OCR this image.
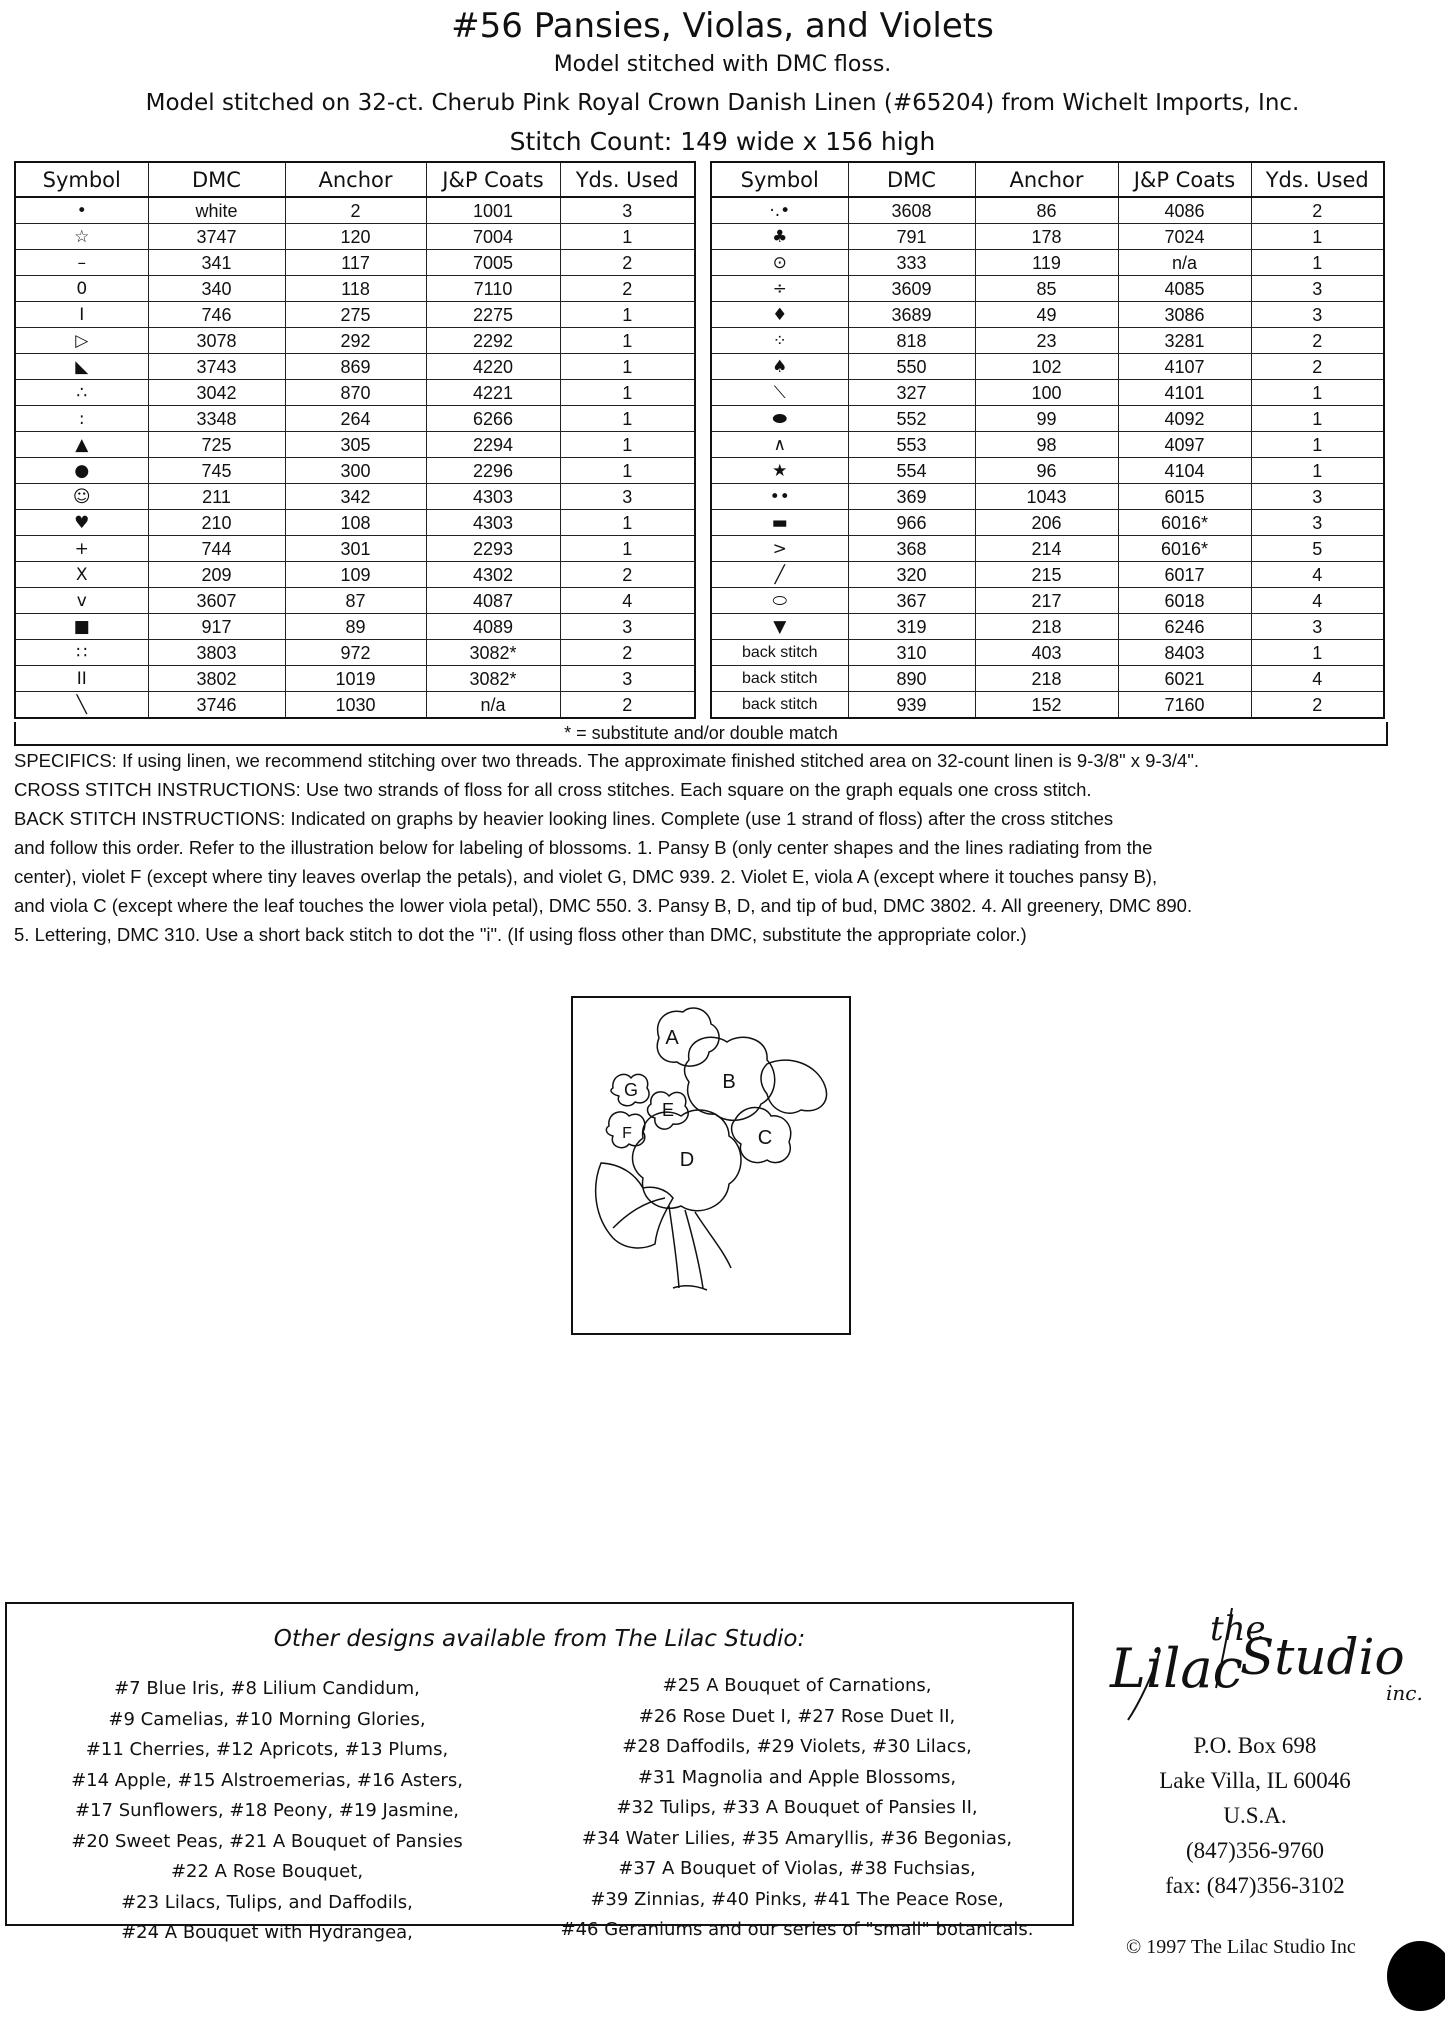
#56 Pansies, Violas, and Violets
Model stitched with DMC floss.
Model stitched on 32-ct. Cherub Pink Royal Crown Danish Linen (#65204) from Wichelt Imports, Inc.
Stitch Count: 149 wide x 156 high
Symbol	DMC	Anchor	J&P Coats	Yds. Used
•	white	2	1001	3
☆	3747	120	7004	1
–	341	117	7005	2
0	340	118	7110	2
I	746	275	2275	1
▷	3078	292	2292	1
◣	3743	869	4220	1
∴	3042	870	4221	1
:	3348	264	6266	1
▲	725	305	2294	1
●	745	300	2296	1
☺	211	342	4303	3
♥	210	108	4303	1
+	744	301	2293	1
X	209	109	4302	2
v	3607	87	4087	4
■	917	89	4089	3
∷	3803	972	3082*	2
II	3802	1019	3082*	3
╲	3746	1030	n/a	2
Symbol	DMC	Anchor	J&P Coats	Yds. Used
·.•	3608	86	4086	2
♣	791	178	7024	1
⊙	333	119	n/a	1
÷	3609	85	4085	3
♦	3689	49	3086	3
⁘	818	23	3281	2
♠	550	102	4107	2
⟍	327	100	4101	1
⬬	552	99	4092	1
∧	553	98	4097	1
★	554	96	4104	1
••	369	1043	6015	3
▬	966	206	6016*	3
>	368	214	6016*	5
╱	320	215	6017	4
⬭	367	217	6018	4
▼	319	218	6246	3
back stitch	310	403	8403	1
back stitch	890	218	6021	4
back stitch	939	152	7160	2
* = substitute and/or double match

SPECIFICS: If using linen, we recommend stitching over two threads. The approximate finished stitched area on 32-count linen is 9-3/8" x 9-3/4".

CROSS STITCH INSTRUCTIONS: Use two strands of floss for all cross stitches. Each square on the graph equals one cross stitch.

BACK STITCH INSTRUCTIONS: Indicated on graphs by heavier looking lines. Complete (use 1 strand of floss) after the cross stitches

and follow this order. Refer to the illustration below for labeling of blossoms. 1. Pansy B (only center shapes and the lines radiating from the

center), violet F (except where tiny leaves overlap the petals), and violet G, DMC 939. 2. Violet E, viola A (except where it touches pansy B),

and viola C (except where the leaf touches the lower viola petal), DMC 550. 3. Pansy B, D, and tip of bud, DMC 3802. 4. All greenery, DMC 890.

5. Lettering, DMC 310. Use a short back stitch to dot the "i". (If using floss other than DMC, substitute the appropriate color.)

A
B
C
D
E
F
G
Other designs available from The Lilac Studio:
#7 Blue Iris, #8 Lilium Candidum,
#9 Camelias, #10 Morning Glories,
#11 Cherries, #12 Apricots, #13 Plums,
#14 Apple, #15 Alstroemerias, #16 Asters,
#17 Sunflowers, #18 Peony, #19 Jasmine,
#20 Sweet Peas, #21 A Bouquet of Pansies
#22 A Rose Bouquet,
#23 Lilacs, Tulips, and Daffodils,
#24 A Bouquet with Hydrangea,
#25 A Bouquet of Carnations,
#26 Rose Duet I, #27 Rose Duet II,
#28 Daffodils, #29 Violets, #30 Lilacs,
#31 Magnolia and Apple Blossoms,
#32 Tulips, #33 A Bouquet of Pansies II,
#34 Water Lilies, #35 Amaryllis, #36 Begonias,
#37 A Bouquet of Violas, #38 Fuchsias,
#39 Zinnias, #40 Pinks, #41 The Peace Rose,
#46 Geraniums and our series of "small" botanicals.
the
Lilac
Studio
inc.
P.O. Box 698
Lake Villa, IL 60046
U.S.A.
(847)356-9760
fax: (847)356-3102
© 1997 The Lilac Studio Inc
